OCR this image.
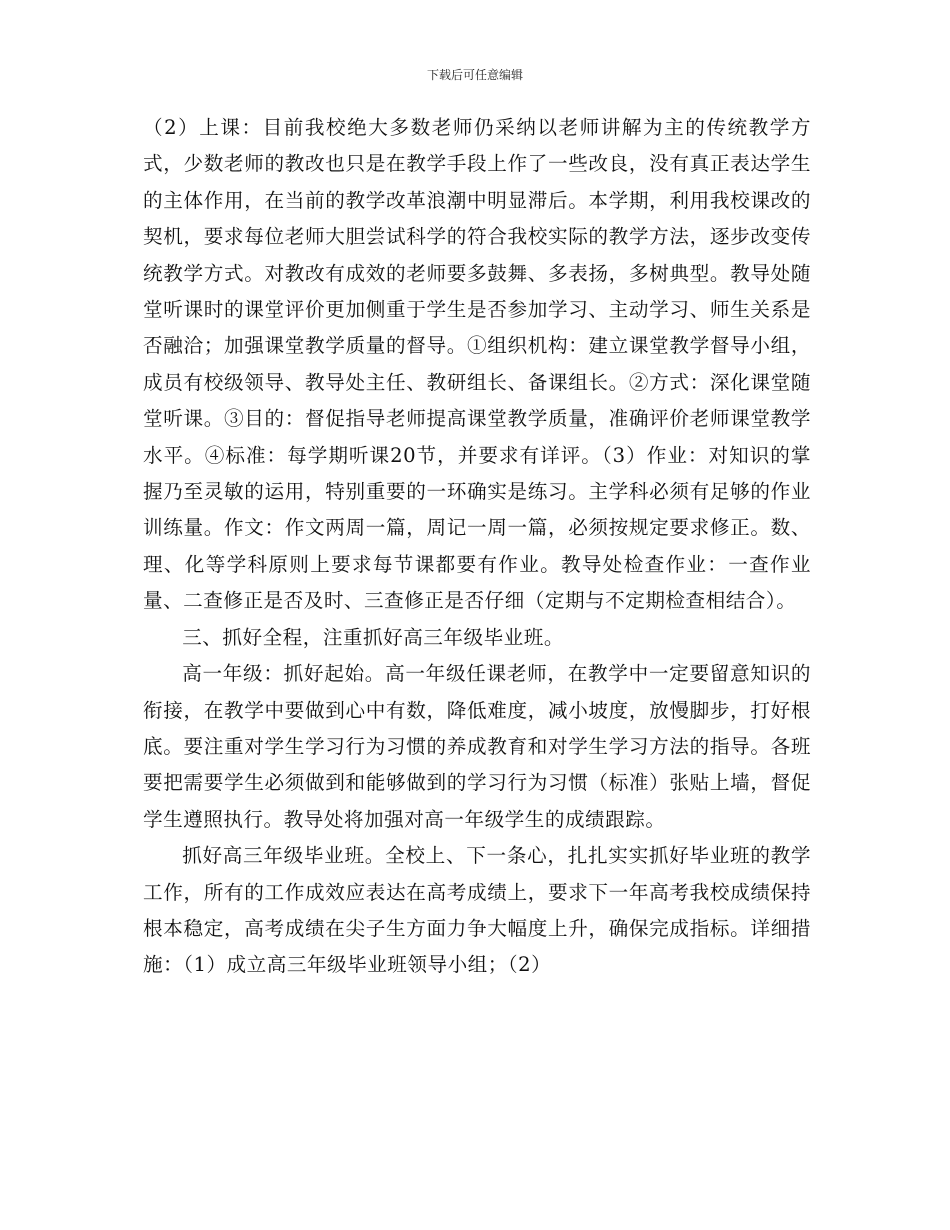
下载后可任意编辑

（2）上课：目前我校绝大多数老师仍采纳以老师讲解为主的传统教学方式，少数老师的教改也只是在教学手段上作了一些改良，没有真正表达学生的主体作用，在当前的教学改革浪潮中明显滞后。本学期，利用我校课改的契机，要求每位老师大胆尝试科学的符合我校实际的教学方法，逐步改变传统教学方式。对教改有成效的老师要多鼓舞、多表扬，多树典型。教导处随堂听课时的课堂评价更加侧重于学生是否参加学习、主动学习、师生关系是否融洽；加强课堂教学质量的督导。①组织机构：建立课堂教学督导小组，成员有校级领导、教导处主任、教研组长、备课组长。②方式：深化课堂随堂听课。③目的：督促指导老师提高课堂教学质量，准确评价老师课堂教学水平。④标准：每学期听课20节，并要求有详评。（3）作业：对知识的掌握乃至灵敏的运用，特别重要的一环确实是练习。主学科必须有足够的作业训练量。作文：作文两周一篇，周记一周一篇，必须按规定要求修正。数、理、化等学科原则上要求每节课都要有作业。教导处检查作业：一查作业量、二查修正是否及时、三查修正是否仔细（定期与不定期检查相结合）。

三、抓好全程，注重抓好高三年级毕业班。

高一年级：抓好起始。高一年级任课老师，在教学中一定要留意知识的衔接，在教学中要做到心中有数，降低难度，减小坡度，放慢脚步，打好根底。要注重对学生学习行为习惯的养成教育和对学生学习方法的指导。各班要把需要学生必须做到和能够做到的学习行为习惯（标准）张贴上墙，督促学生遵照执行。教导处将加强对高一年级学生的成绩跟踪。

抓好高三年级毕业班。全校上、下一条心，扎扎实实抓好毕业班的教学工作，所有的工作成效应表达在高考成绩上，要求下一年高考我校成绩保持根本稳定，高考成绩在尖子生方面力争大幅度上升，确保完成指标。详细措施：（1）成立高三年级毕业班领导小组；（2）
